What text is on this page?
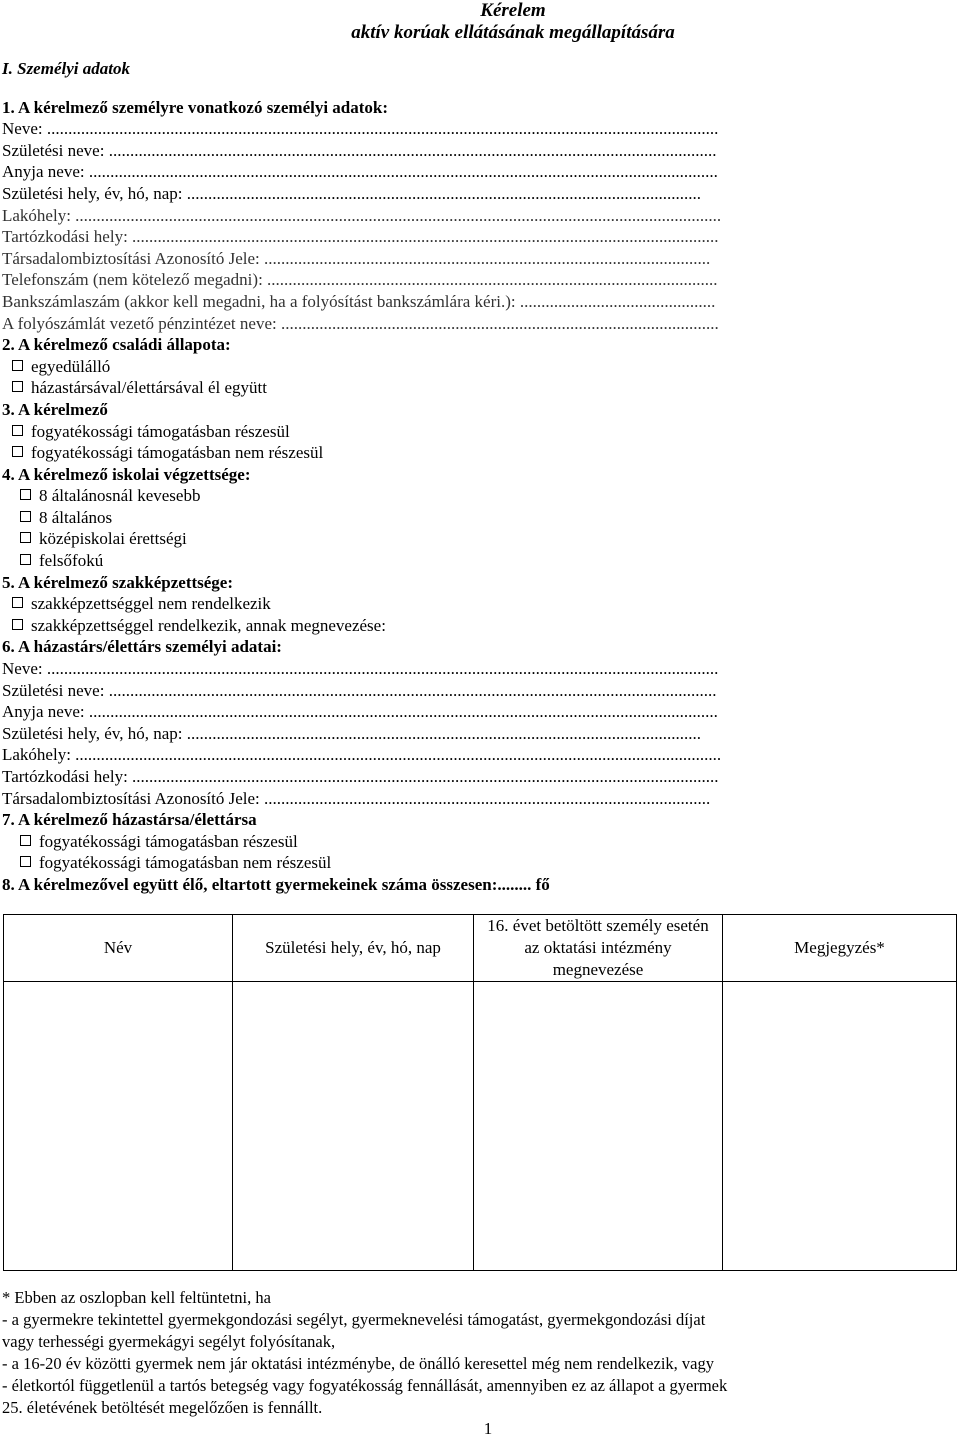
Kérelem
aktív korúak ellátásának megállapítására
I. Személyi adatok
1. A kérelmező személyre vonatkozó személyi adatok:
Neve: ..............................................................................................................................................................
Születési neve: ...............................................................................................................................................
Anyja neve: ....................................................................................................................................................
Születési hely, év, hó, nap: .........................................................................................................................
Lakóhely: ........................................................................................................................................................
Tartózkodási hely: ..........................................................................................................................................
Társadalombiztosítási Azonosító Jele: .........................................................................................................
Telefonszám (nem kötelező megadni): ..........................................................................................................
Bankszámlaszám (akkor kell megadni, ha a folyósítást bankszámlára kéri.): ..............................................
A folyószámlát vezető pénzintézet neve: .......................................................................................................
2. A kérelmező családi állapota:
egyedülálló
házastársával/élettársával él együtt
3. A kérelmező
fogyatékossági támogatásban részesül
fogyatékossági támogatásban nem részesül
4. A kérelmező iskolai végzettsége:
8 általánosnál kevesebb
8 általános
középiskolai érettségi
felsőfokú
5. A kérelmező szakképzettsége:
szakképzettséggel nem rendelkezik
szakképzettséggel rendelkezik, annak megnevezése:
6. A házastárs/élettárs személyi adatai:
Neve: ..............................................................................................................................................................
Születési neve: ...............................................................................................................................................
Anyja neve: ....................................................................................................................................................
Születési hely, év, hó, nap: .........................................................................................................................
Lakóhely: ........................................................................................................................................................
Tartózkodási hely: ..........................................................................................................................................
Társadalombiztosítási Azonosító Jele: .........................................................................................................
7. A kérelmező házastársa/élettársa
fogyatékossági támogatásban részesül
fogyatékossági támogatásban nem részesül
8. A kérelmezővel együtt élő, eltartott gyermekeinek száma összesen:........ fő
Név	Születési hely, év, hó, nap	16. évet betöltött személy esetén az oktatási intézmény megnevezése	Megjegyzés*

* Ebben az oszlopban kell feltüntetni, ha
- a gyermekre tekintettel gyermekgondozási segélyt, gyermeknevelési támogatást, gyermekgondozási díjat
vagy terhességi gyermekágyi segélyt folyósítanak,
- a 16-20 év közötti gyermek nem jár oktatási intézménybe, de önálló keresettel még nem rendelkezik, vagy
- életkortól függetlenül a tartós betegség vagy fogyatékosság fennállását, amennyiben ez az állapot a gyermek
25. életévének betöltését megelőzően is fennállt.
1
